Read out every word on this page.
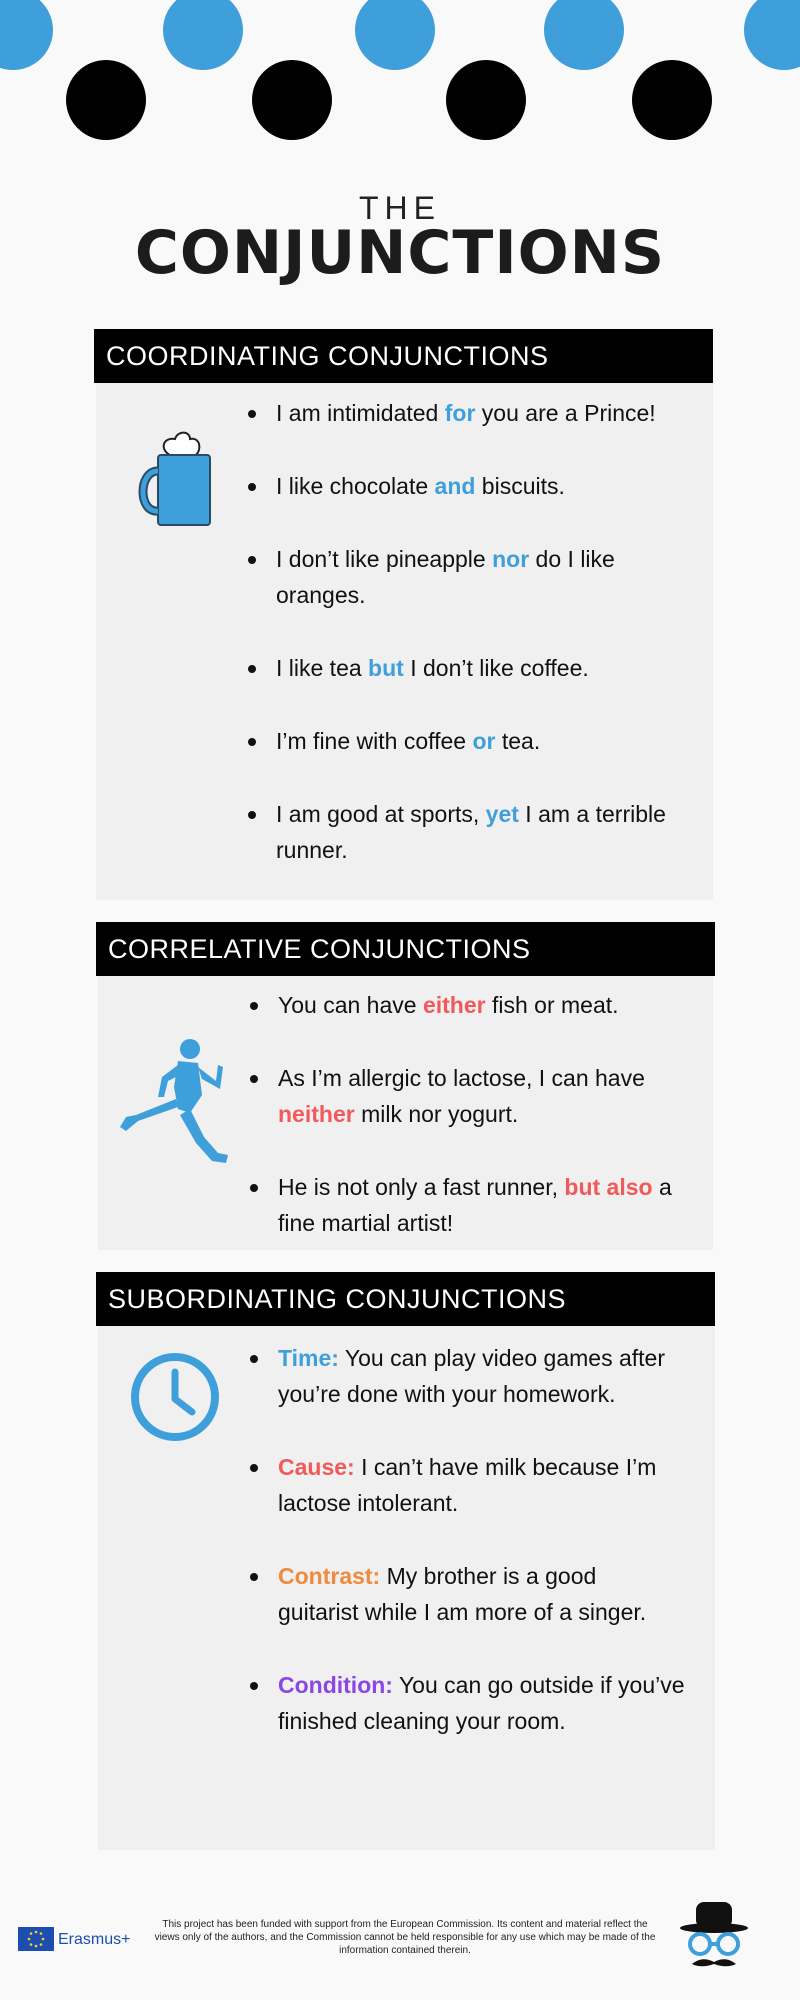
THE
CONJUNCTIONS
COORDINATING CONJUNCTIONS
I am intimidated for you are a Prince!
I like chocolate and biscuits.
I don’t like pineapple nor do I like oranges.
I like tea but I don’t like coffee.
I’m fine with coffee or tea.
I am good at sports, yet I am a terrible runner.
CORRELATIVE CONJUNCTIONS
You can have either fish or meat.
As I’m allergic to lactose, I can have neither milk nor yogurt.
He is not only a fast runner, but also a fine martial artist!
SUBORDINATING CONJUNCTIONS
Time: You can play video games after you’re done with your homework.
Cause: I can’t have milk because I’m lactose intolerant.
Contrast: My brother is a good guitarist while I am more of a singer.
Condition: You can go outside if you’ve finished cleaning your room.
Erasmus+
This project has been funded with support from the European Commission. Its content and material reflect the views only of the authors, and the Commission cannot be held responsible for any use which may be made of the information contained therein.
